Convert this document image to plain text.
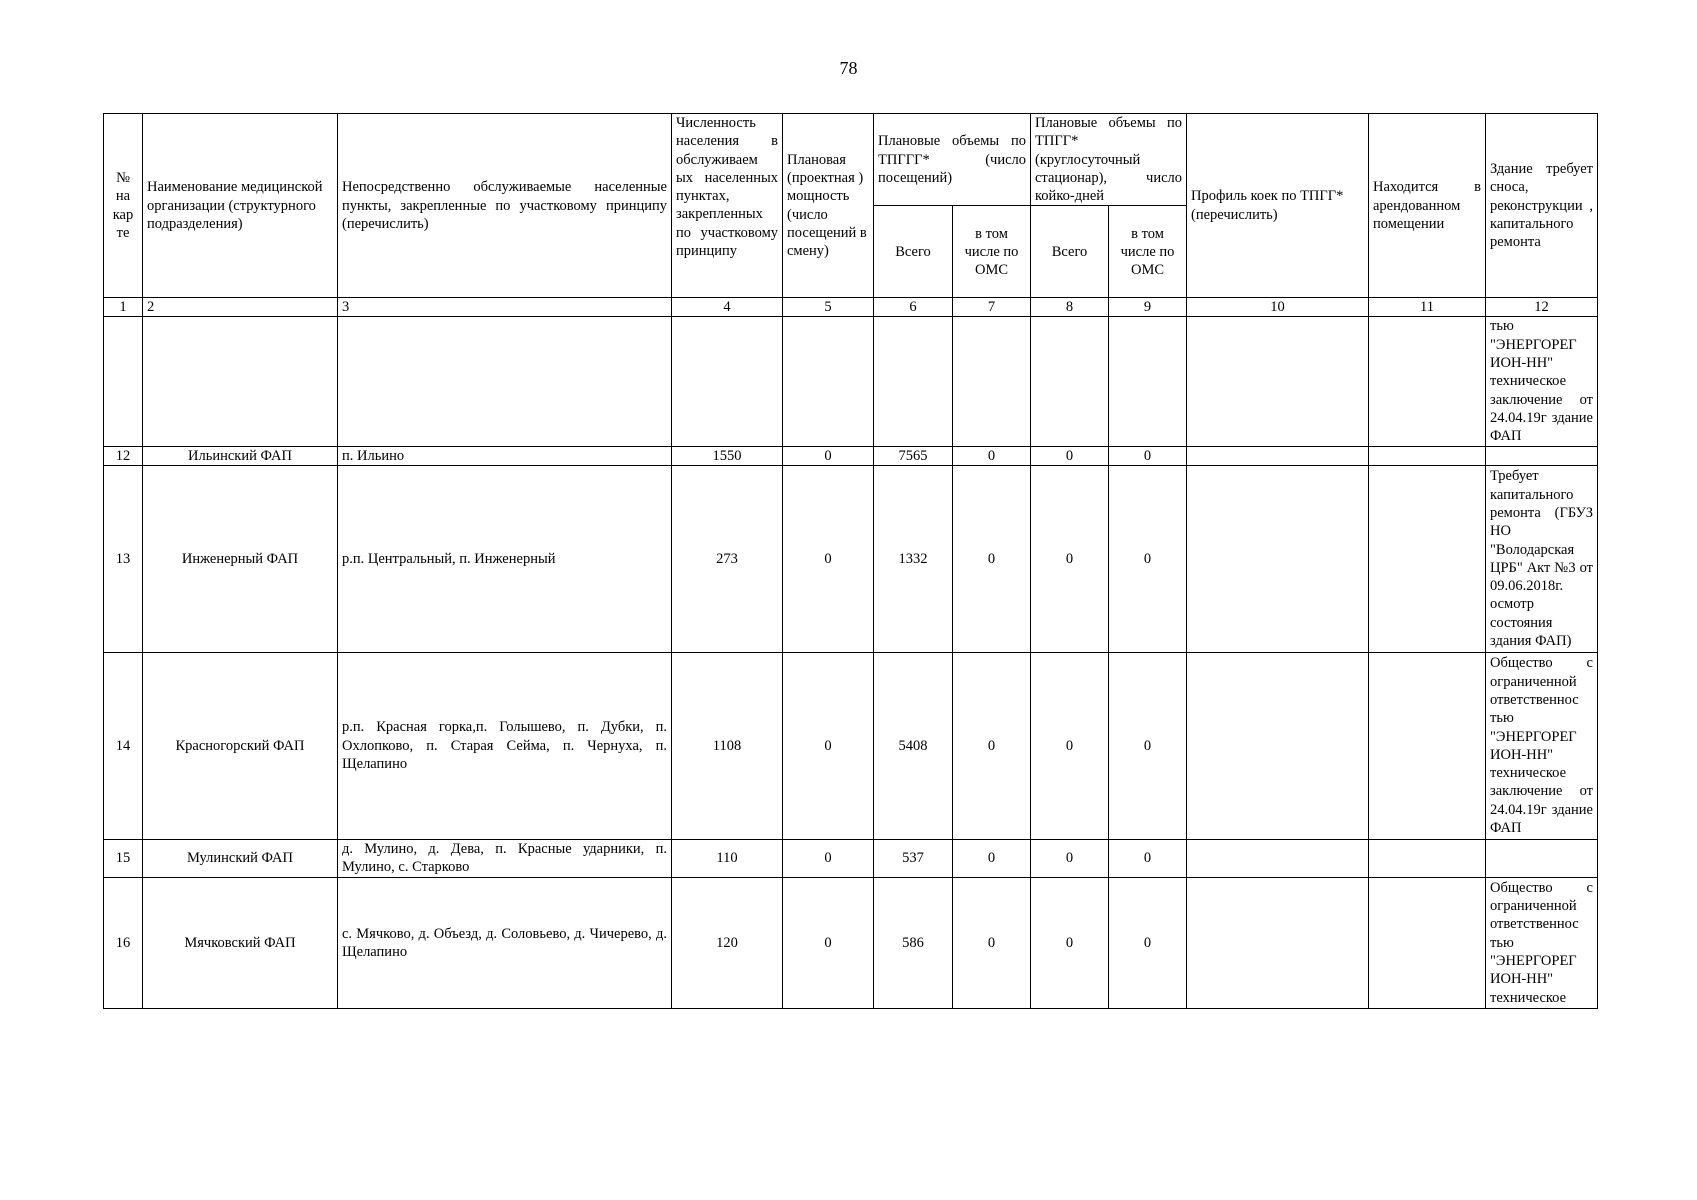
78
№ на кар те	Наименование медицинской организации (структурного подразделения)	Непосредственно обслуживаемые населенные пункты, закрепленные по участковому принципу (перечислить)	Численность населения в обслуживаем ых населенных пунктах, закрепленных по участковому принципу	Плановая (проектная ) мощность (число посещений в смену)	Плановые объемы по ТПГГГ* (число посещений)		Плановые объемы по ТПГГ* (круглосуточный стационар), число койко-дней		Профиль коек по ТПГГ* (перечислить)	Находится в арендованном помещении	Здание требует сноса, реконструкции , капитального ремонта
					Всего	в том числе по ОМС	Всего	в том числе по ОМС			
1	2	3	4	5	6	7	8	9	10	11	12
											тью "ЭНЕРГОРЕГ ИОН-НН" техническое заключение от 24.04.19г здание ФАП
12	Ильинский ФАП	п. Ильино	1550	0	7565	0	0	0			
13	Инженерный ФАП	р.п. Центральный, п. Инженерный	273	0	1332	0	0	0			Требует капитального ремонта (ГБУЗ НО "Володарская ЦРБ" Акт №3 от 09.06.2018г. осмотр состояния здания ФАП)
14	Красногорский ФАП	р.п. Красная горка,п. Голышево, п. Дубки, п. Охлопково, п. Старая Сейма, п. Чернуха, п. Щелапино	1108	0	5408	0	0	0			Общество с ограниченной ответственнос тью "ЭНЕРГОРЕГ ИОН-НН" техническое заключение от 24.04.19г здание ФАП
15	Мулинский ФАП	д. Мулино, д. Дева, п. Красные ударники, п. Мулино, с. Старково	110	0	537	0	0	0			
16	Мячковский ФАП	с. Мячково, д. Объезд, д. Соловьево, д. Чичерево, д. Щелапино	120	0	586	0	0	0			Общество с ограниченной ответственнос тью "ЭНЕРГОРЕГ ИОН-НН" техническое
